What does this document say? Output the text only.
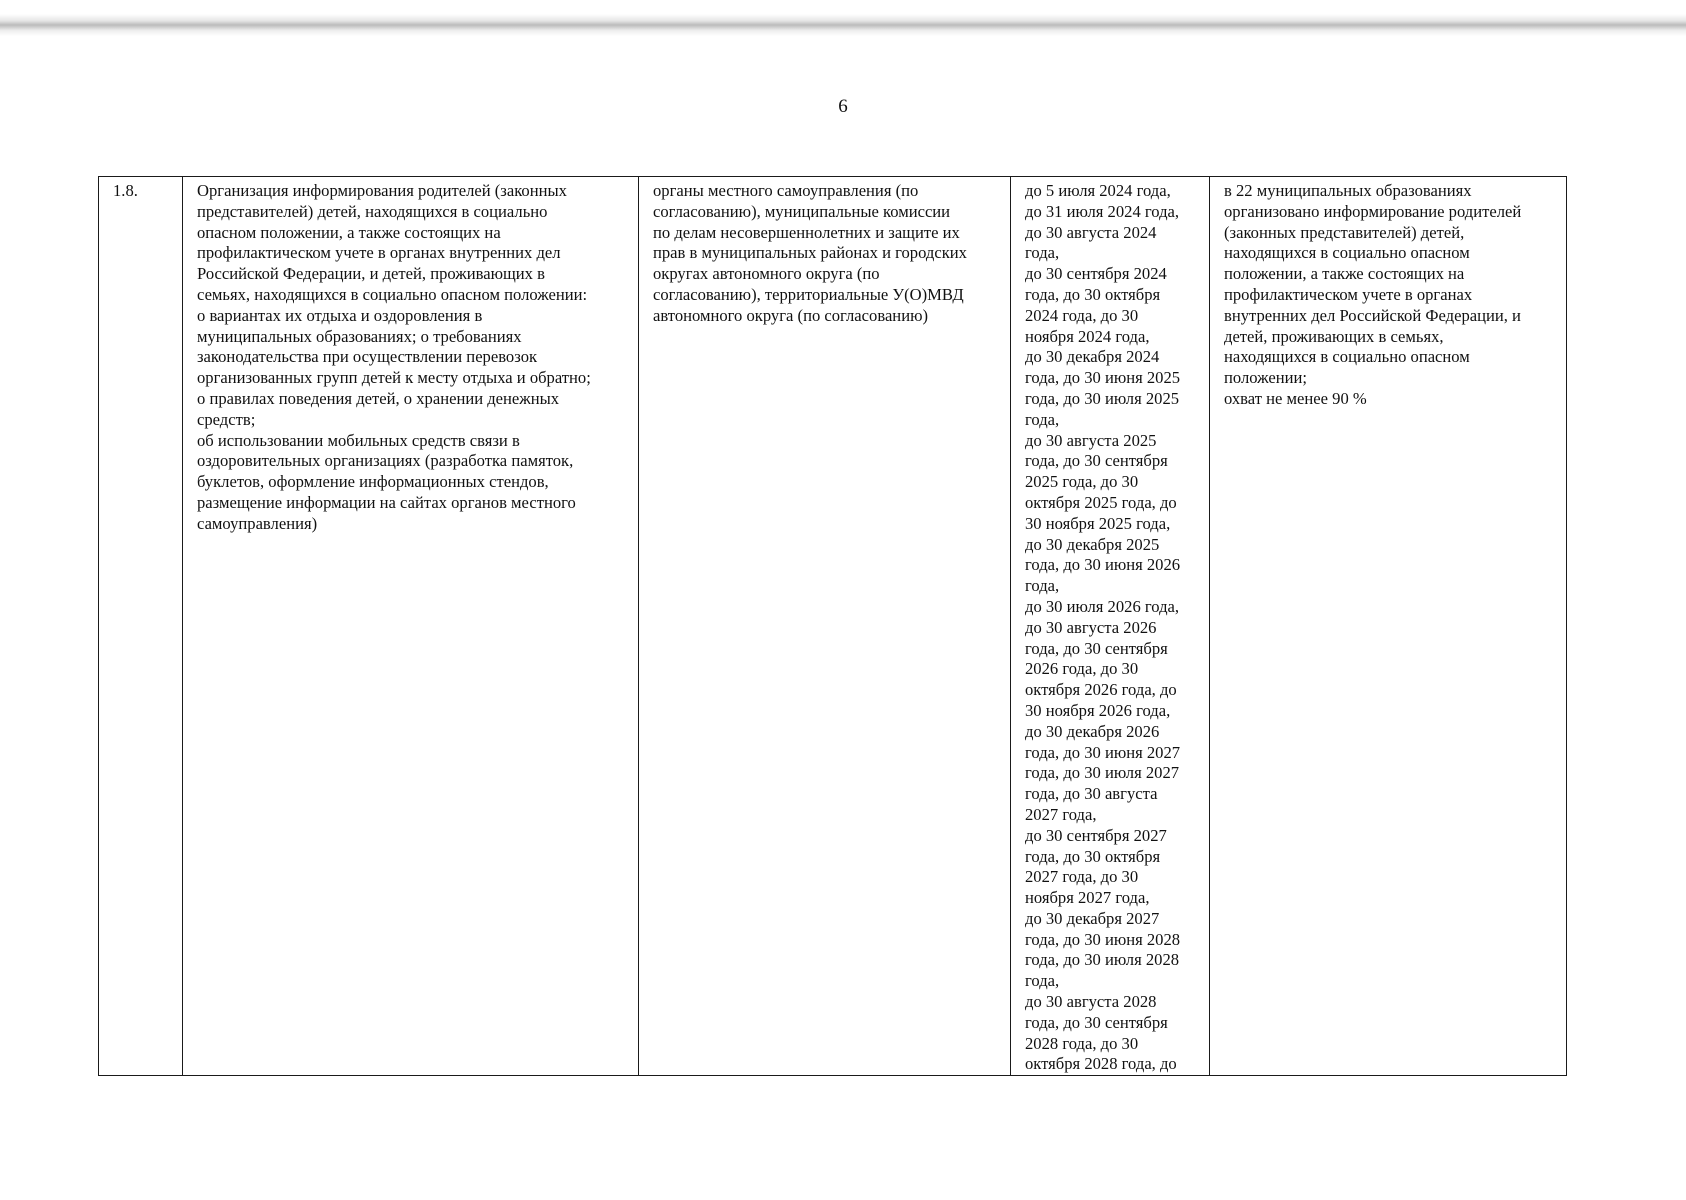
6
1.8.	Организация информирования родителей (законных
представителей) детей, находящихся в социально
опасном положении, а также состоящих на
профилактическом учете в органах внутренних дел
Российской Федерации, и детей, проживающих в
семьях, находящихся в социально опасном положении:
о вариантах их отдыха и оздоровления в
муниципальных образованиях; о требованиях
законодательства при осуществлении перевозок
организованных групп детей к месту отдыха и обратно;
о правилах поведения детей, о хранении денежных
средств;
об использовании мобильных средств связи в
оздоровительных организациях (разработка памяток,
буклетов, оформление информационных стендов,
размещение информации на сайтах органов местного
самоуправления)

органы местного самоуправления (по
согласованию), муниципальные комиссии
по делам несовершеннолетних и защите их
прав в муниципальных районах и городских
округах автономного округа (по
согласованию), территориальные У(О)МВД
автономного округа (по согласованию)

до 5 июля 2024 года,
до 31 июля 2024 года,
до 30 августа 2024
года,
до 30 сентября 2024
года, до 30 октября
2024 года, до 30
ноября 2024 года,
до 30 декабря 2024
года, до 30 июня 2025
года, до 30 июля 2025
года,
до 30 августа 2025
года, до 30 сентября
2025 года, до 30
октября 2025 года, до
30 ноября 2025 года,
до 30 декабря 2025
года, до 30 июня 2026
года,
до 30 июля 2026 года,
до 30 августа 2026
года, до 30 сентября
2026 года, до 30
октября 2026 года, до
30 ноября 2026 года,
до 30 декабря 2026
года, до 30 июня 2027
года, до 30 июля 2027
года, до 30 августа
2027 года,
до 30 сентября 2027
года, до 30 октября
2027 года, до 30
ноября 2027 года,
до 30 декабря 2027
года, до 30 июня 2028
года, до 30 июля 2028
года,
до 30 августа 2028
года, до 30 сентября
2028 года, до 30
октября 2028 года, до

в 22 муниципальных образованиях
организовано информирование родителей
(законных представителей) детей,
находящихся в социально опасном
положении, а также состоящих на
профилактическом учете в органах
внутренних дел Российской Федерации, и
детей, проживающих в семьях,
находящихся в социально опасном
положении;
охват не менее 90 %
